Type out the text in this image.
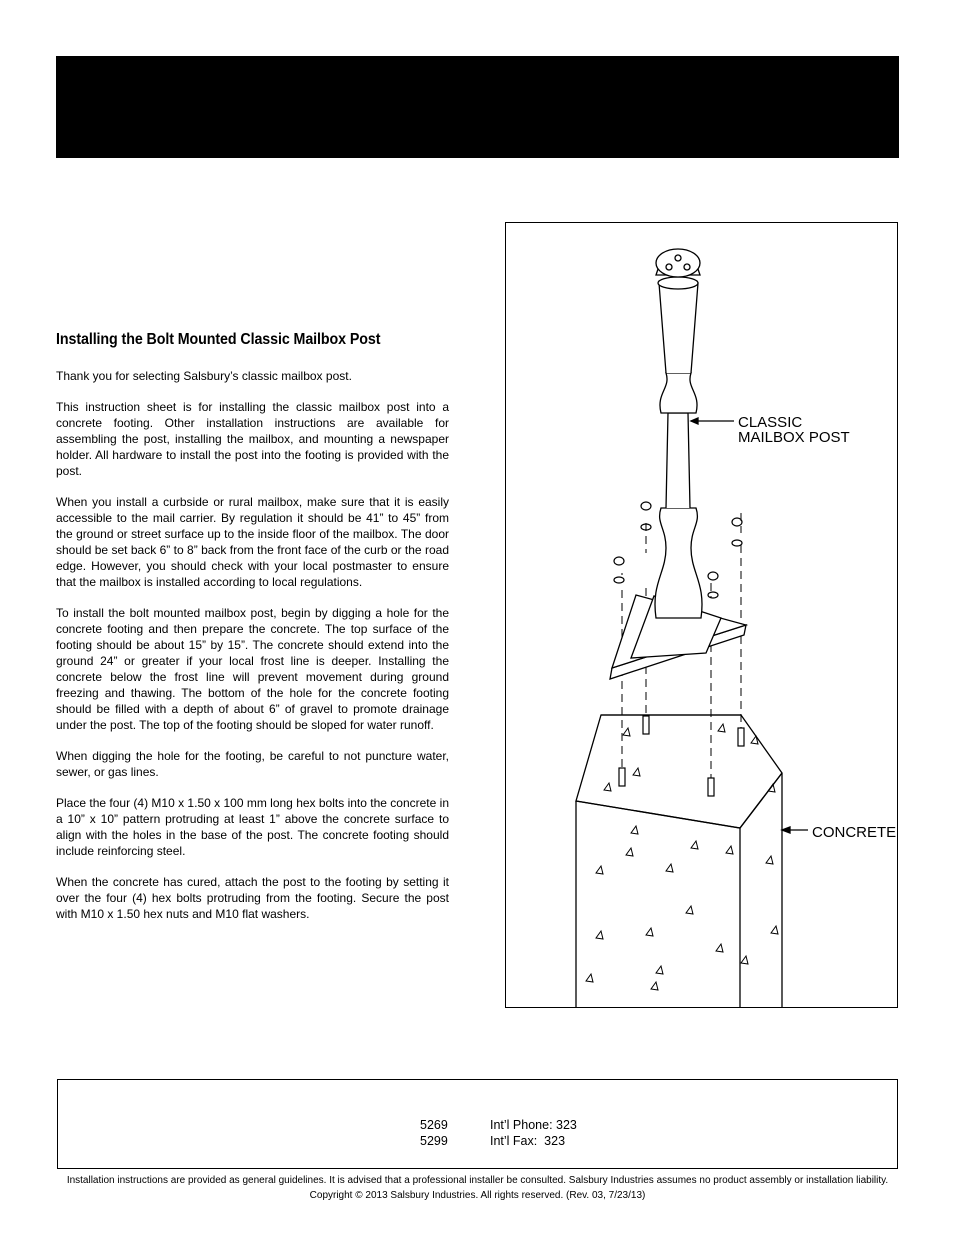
Installing the Bolt Mounted Classic Mailbox Post

Thank you for selecting Salsbury’s classic mailbox post.

This instruction sheet is for installing the classic mailbox post into a concrete footing. Other installation instructions are available for assembling the post, installing the mailbox, and mounting a newspaper holder. All hardware to install the post into the footing is provided with the post.

When you install a curbside or rural mailbox, make sure that it is easily accessible to the mail carrier. By regulation it should be 41” to 45” from the ground or street surface up to the inside floor of the mailbox. The door should be set back 6” to 8” back from the front face of the curb or the road edge. However, you should check with your local postmaster to ensure that the mailbox is installed according to local regulations.

To install the bolt mounted mailbox post, begin by digging a hole for the concrete footing and then prepare the concrete. The top surface of the footing should be about 15” by 15”. The concrete should extend into the ground 24” or greater if your local frost line is deeper. Installing the concrete below the frost line will prevent movement during ground freezing and thawing. The bottom of the hole for the concrete footing should be filled with a depth of about 6” of gravel to promote drainage under the post. The top of the footing should be sloped for water runoff.

When digging the hole for the footing, be careful to not puncture water, sewer, or gas lines.

Place the four (4) M10 x 1.50 x 100 mm long hex bolts into the concrete in a 10” x 10” pattern protruding at least 1” above the concrete surface to align with the holes in the base of the post. The concrete footing should include reinforcing steel.

When the concrete has cured, attach the post to the footing by setting it over the four (4) hex bolts protruding from the footing. Secure the post with M10 x 1.50 hex nuts and M10 flat washers.

CLASSIC
MAILBOX POST
CONCRETE
5269	Int’l Phone: 323
5299	Int’l Fax:  323
Installation instructions are provided as general guidelines. It is advised that a professional installer be consulted. Salsbury Industries assumes no product assembly or installation liability.
Copyright © 2013 Salsbury Industries. All rights reserved. (Rev. 03, 7/23/13)
